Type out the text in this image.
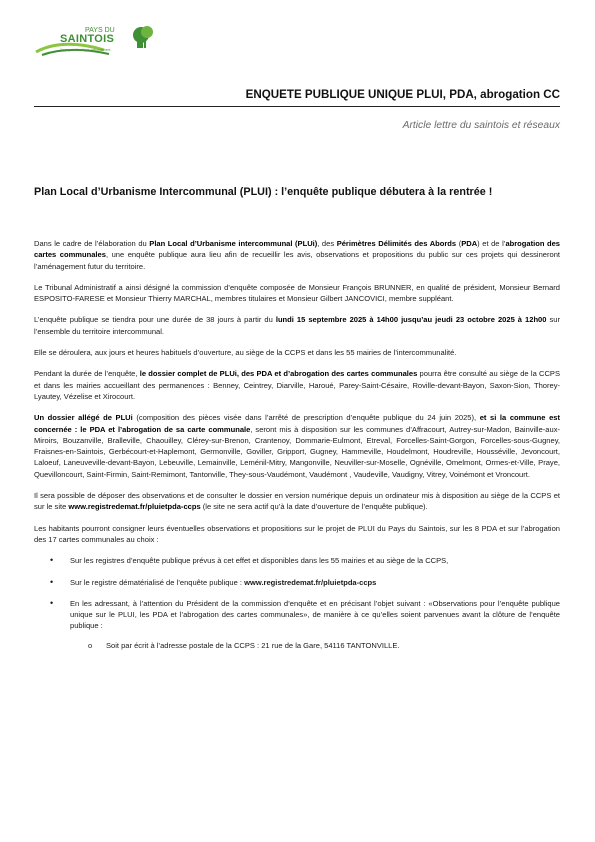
PAYS DU
SAINTOIS
Un pays authentique, naturellement
ENQUETE PUBLIQUE UNIQUE PLUI, PDA, abrogation CC
Article lettre du saintois et réseaux
Plan Local d’Urbanisme Intercommunal (PLUI) : l’enquête publique débutera à la rentrée !

Dans le cadre de l’élaboration du Plan Local d’Urbanisme intercommunal (PLUi), des Périmètres Délimités des Abords (PDA) et de l’abrogation des cartes communales, une enquête publique aura lieu afin de recueillir les avis, observations et propositions du public sur ces projets qui dessineront l’aménagement futur du territoire.

Le Tribunal Administratif a ainsi désigné la commission d’enquête composée de Monsieur François BRUNNER, en qualité de président, Monsieur Bernard ESPOSITO-FARESE et Monsieur Thierry MARCHAL, membres titulaires et Monsieur Gilbert JANCOVICI, membre suppléant.

L’enquête publique se tiendra pour une durée de 38 jours à partir du lundi 15 septembre 2025 à 14h00 jusqu’au jeudi 23 octobre 2025 à 12h00 sur l’ensemble du territoire intercommunal.

Elle se déroulera, aux jours et heures habituels d’ouverture, au siège de la CCPS et dans les 55 mairies de l’intercommunalité.

Pendant la durée de l’enquête, le dossier complet de PLUi, des PDA et d’abrogation des cartes communales pourra être consulté au siège de la CCPS et dans les mairies accueillant des permanences : Benney, Ceintrey, Diarville, Haroué, Parey-Saint-Césaire, Roville-devant-Bayon, Saxon-Sion, Thorey-Lyautey, Vézelise et Xirocourt.

Un dossier allégé de PLUi (composition des pièces visée dans l’arrêté de prescription d’enquête publique du 24 juin 2025), et si la commune est concernée : le PDA et l’abrogation de sa carte communale, seront mis à disposition sur les communes d’Affracourt, Autrey-sur-Madon, Bainville-aux-Miroirs, Bouzanville, Bralleville, Chaouilley, Clérey-sur-Brenon, Crantenoy, Dommarie-Eulmont, Etreval, Forcelles-Saint-Gorgon, Forcelles-sous-Gugney, Fraisnes-en-Saintois, Gerbécourt-et-Haplemont, Germonville, Goviller, Gripport, Gugney, Hammeville, Houdelmont, Houdreville, Housséville, Jevoncourt, Laloeuf, Laneuveville-devant-Bayon, Lebeuville, Lemainville, Leménil-Mitry, Mangonville, Neuviller-sur-Moselle, Ognéville, Omelmont, Ormes-et-Ville, Praye, Quevilloncourt, Saint-Firmin, Saint-Remimont, Tantonville, They-sous-Vaudémont, Vaudémont , Vaudeville, Vaudigny, Vitrey, Voinémont et Vroncourt.

Il sera possible de déposer des observations et de consulter le dossier en version numérique depuis un ordinateur mis à disposition au siège de la CCPS et sur le site www.registredemat.fr/pluietpda-ccps (le site ne sera actif qu’à la date d’ouverture de l’enquête publique).

Les habitants pourront consigner leurs éventuelles observations et propositions sur le projet de PLUI du Pays du Saintois, sur les 8 PDA et sur l’abrogation des 17 cartes communales au choix :

• Sur les registres d’enquête publique prévus à cet effet et disponibles dans les 55 mairies et au siège de la CCPS,
• Sur le registre dématérialisé de l’enquête publique : www.registredemat.fr/pluietpda-ccps
• En les adressant, à l’attention du Président de la commission d’enquête et en précisant l’objet suivant : «Observations pour l’enquête publique unique sur le PLUI, les PDA et l’abrogation des cartes communales», de manière à ce qu’elles soient parvenues avant la clôture de l’enquête publique :
o Soit par écrit à l’adresse postale de la CCPS : 21 rue de la Gare, 54116 TANTONVILLE.
